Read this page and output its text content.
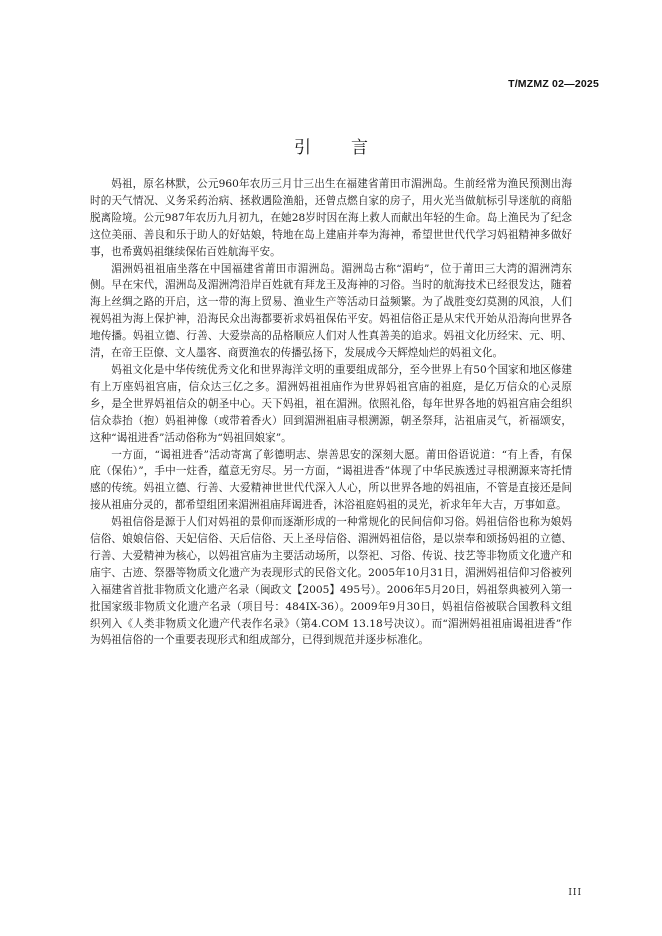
T/MZMZ 02—2025
引言

妈祖，原名林默，公元960年农历三月廿三出生在福建省莆田市湄洲岛。生前经常为渔民预测出海时的天气情况、义务采药治病、拯救遇险渔船，还曾点燃自家的房子，用火光当做航标引导迷航的商船脱离险境。公元987年农历九月初九，在她28岁时因在海上救人而献出年轻的生命。岛上渔民为了纪念这位美丽、善良和乐于助人的好姑娘，特地在岛上建庙并奉为海神，希望世世代代学习妈祖精神多做好事，也希冀妈祖继续保佑百姓航海平安。

湄洲妈祖祖庙坐落在中国福建省莆田市湄洲岛。湄洲岛古称“湄屿”，位于莆田三大湾的湄洲湾东侧。早在宋代，湄洲岛及湄洲湾沿岸百姓就有拜龙王及海神的习俗。当时的航海技术已经很发达，随着海上丝绸之路的开启，这一带的海上贸易、渔业生产等活动日益频繁。为了战胜变幻莫测的风浪，人们视妈祖为海上保护神，沿海民众出海都要祈求妈祖保佑平安。妈祖信俗正是从宋代开始从沿海向世界各地传播。妈祖立德、行善、大爱崇高的品格顺应人们对人性真善美的追求。妈祖文化历经宋、元、明、清，在帝王臣僚、文人墨客、商贾渔农的传播弘扬下，发展成今天辉煌灿烂的妈祖文化。

妈祖文化是中华传统优秀文化和世界海洋文明的重要组成部分，至今世界上有50个国家和地区修建有上万座妈祖宫庙，信众达三亿之多。湄洲妈祖祖庙作为世界妈祖宫庙的祖庭，是亿万信众的心灵原乡，是全世界妈祖信众的朝圣中心。天下妈祖，祖在湄洲。依照礼俗，每年世界各地的妈祖宫庙会组织信众恭抬（抱）妈祖神像（或带着香火）回到湄洲祖庙寻根溯源，朝圣祭拜，沾祖庙灵气，祈福颂安，这种“谒祖进香”活动俗称为“妈祖回娘家”。

一方面，“谒祖进香”活动寄寓了彰德明志、崇善思安的深刻大愿。莆田俗语说道：“有上香，有保庇（保佑）”，手中一炷香，蕴意无穷尽。另一方面，“谒祖进香”体现了中华民族透过寻根溯源来寄托情感的传统。妈祖立德、行善、大爱精神世世代代深入人心，所以世界各地的妈祖庙，不管是直接还是间接从祖庙分灵的，都希望组团来湄洲祖庙拜谒进香，沐浴祖庭妈祖的灵光，祈求年年大吉，万事如意。

妈祖信俗是源于人们对妈祖的景仰而逐渐形成的一种常规化的民间信仰习俗。妈祖信俗也称为娘妈信俗、娘娘信俗、天妃信俗、天后信俗、天上圣母信俗、湄洲妈祖信俗，是以崇奉和颂扬妈祖的立德、行善、大爱精神为核心，以妈祖宫庙为主要活动场所，以祭祀、习俗、传说、技艺等非物质文化遗产和庙宇、古迹、祭器等物质文化遗产为表现形式的民俗文化。2005年10月31日，湄洲妈祖信仰习俗被列入福建省首批非物质文化遗产名录（闽政文【2005】495号）。2006年5月20日，妈祖祭典被列入第一批国家级非物质文化遗产名录（项目号：484IX-36）。2009年9月30日，妈祖信俗被联合国教科文组织列入《人类非物质文化遗产代表作名录》（第4.COM 13.18号决议）。而“湄洲妈祖祖庙谒祖进香”作为妈祖信俗的一个重要表现形式和组成部分，已得到规范并逐步标准化。

III
